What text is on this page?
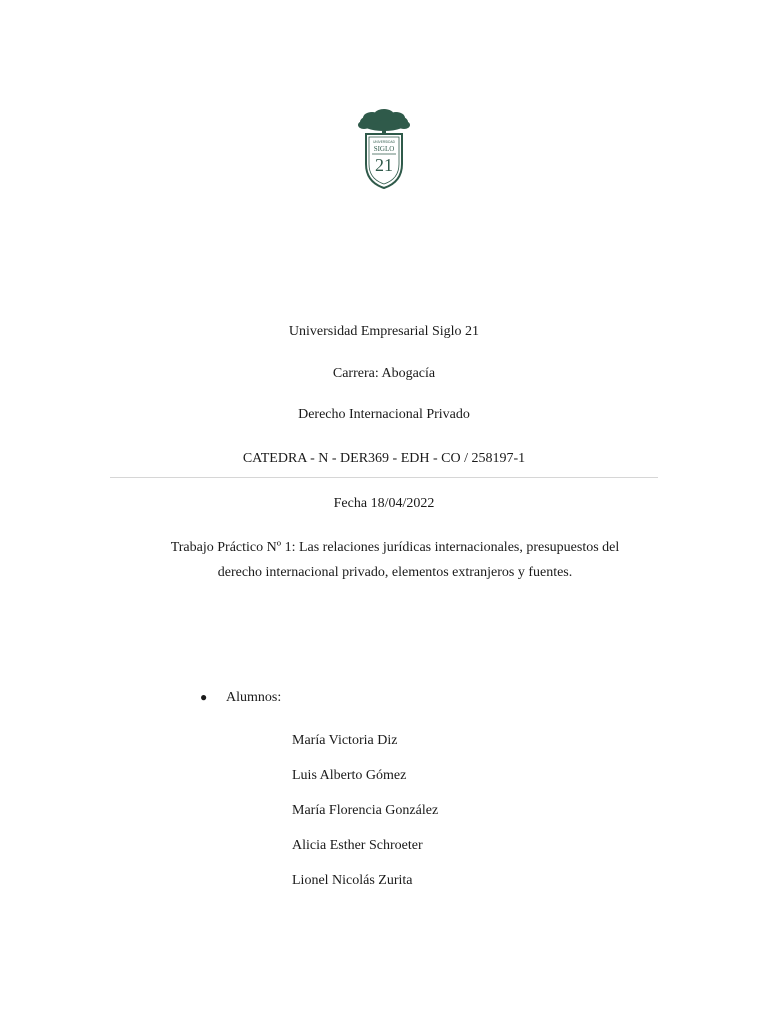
UNIVERSIDAD
SIGLO
21
Universidad Empresarial Siglo 21
Carrera: Abogacía
Derecho Internacional Privado
CATEDRA - N - DER369 - EDH - CO / 258197-1
Fecha 18/04/2022
Trabajo Práctico Nº 1: Las relaciones jurídicas internacionales, presupuestos del
derecho internacional privado, elementos extranjeros y fuentes.
● Alumnos:
María Victoria Diz
Luis Alberto Gómez
María Florencia González
Alicia Esther Schroeter
Lionel Nicolás Zurita
